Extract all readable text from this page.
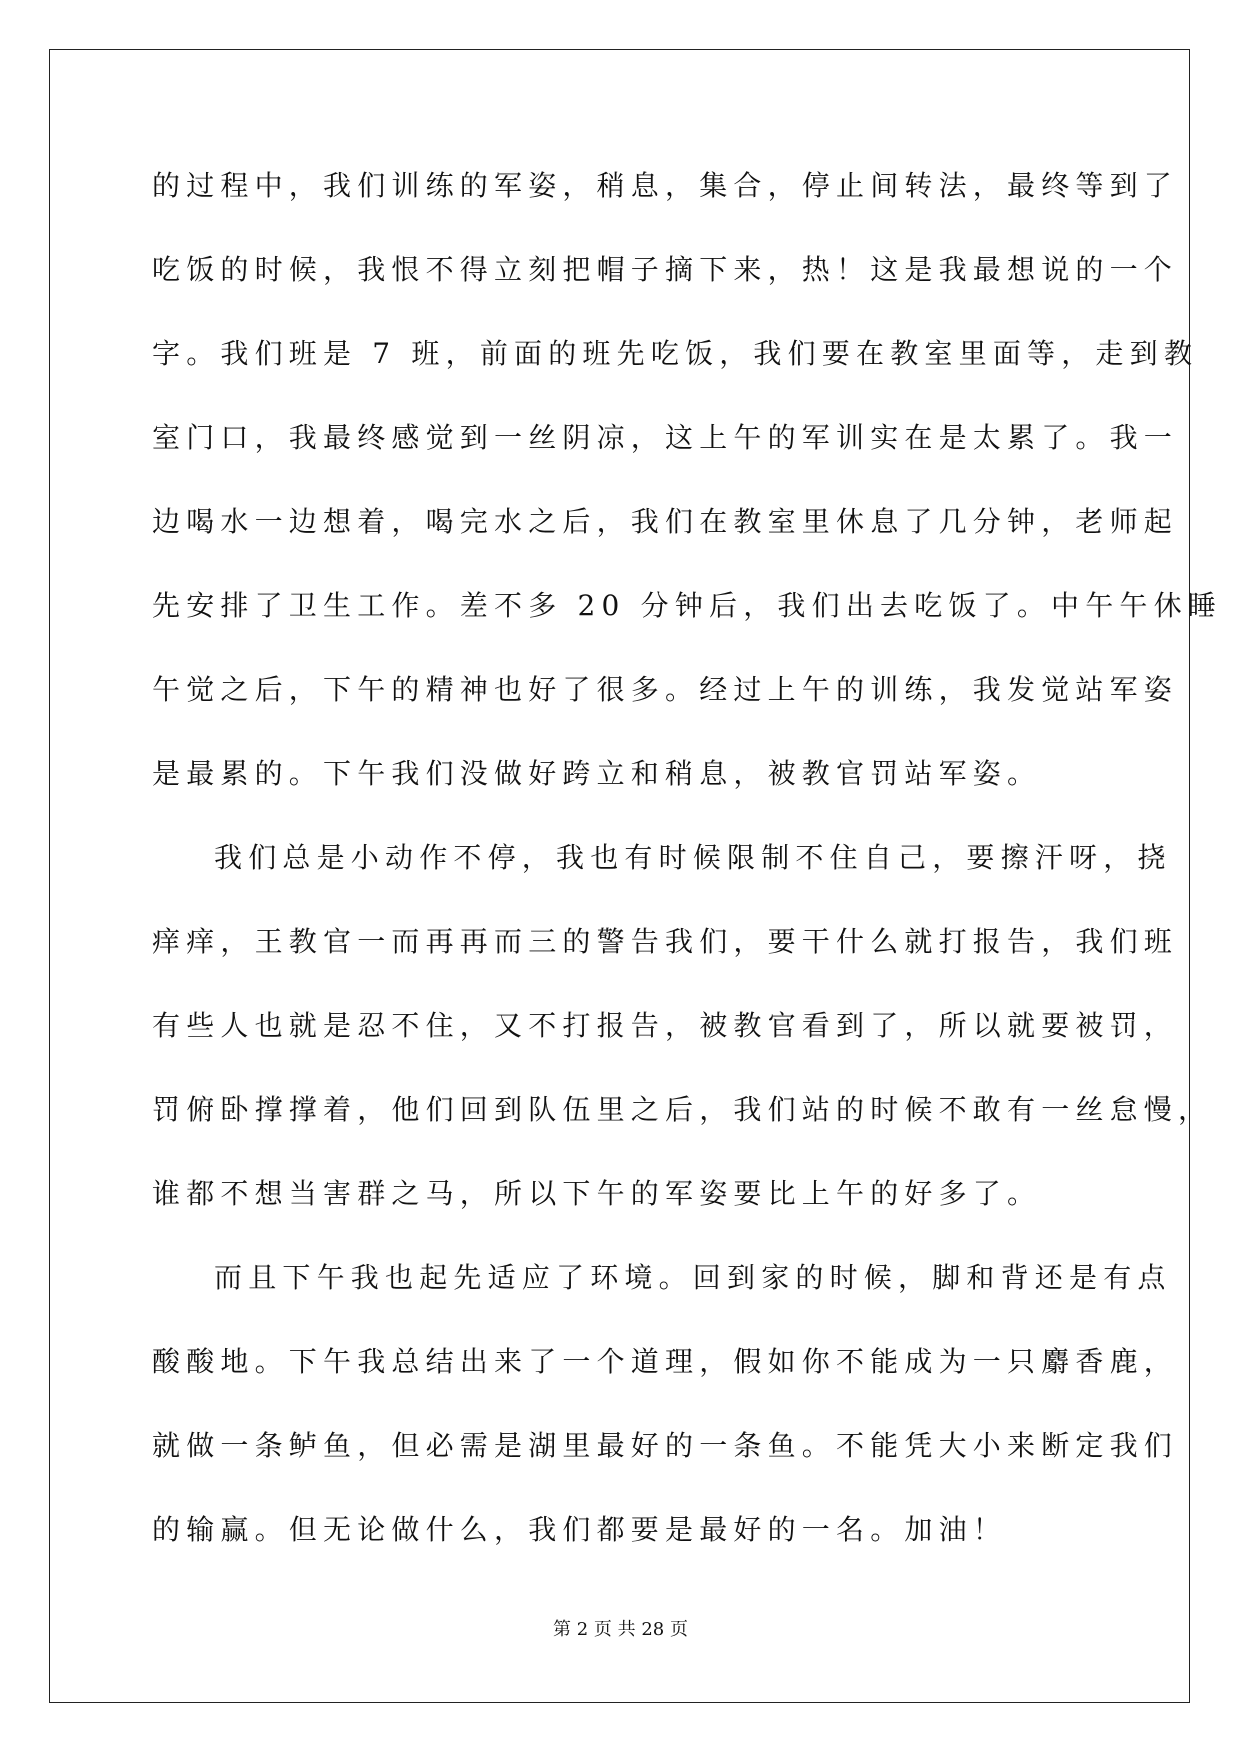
的过程中，我们训练的军姿，稍息，集合，停止间转法，最终等到了
吃饭的时候，我恨不得立刻把帽子摘下来，热！这是我最想说的一个
字。我们班是 7 班，前面的班先吃饭，我们要在教室里面等，走到教
室门口，我最终感觉到一丝阴凉，这上午的军训实在是太累了。我一
边喝水一边想着，喝完水之后，我们在教室里休息了几分钟，老师起
先安排了卫生工作。差不多 20 分钟后，我们出去吃饭了。中午午休睡
午觉之后，下午的精神也好了很多。经过上午的训练，我发觉站军姿
是最累的。下午我们没做好跨立和稍息，被教官罚站军姿。
我们总是小动作不停，我也有时候限制不住自己，要擦汗呀，挠
痒痒，王教官一而再再而三的警告我们，要干什么就打报告，我们班
有些人也就是忍不住，又不打报告，被教官看到了，所以就要被罚，
罚俯卧撑撑着，他们回到队伍里之后，我们站的时候不敢有一丝怠慢，
谁都不想当害群之马，所以下午的军姿要比上午的好多了。
而且下午我也起先适应了环境。回到家的时候，脚和背还是有点
酸酸地。下午我总结出来了一个道理，假如你不能成为一只麝香鹿，
就做一条鲈鱼，但必需是湖里最好的一条鱼。不能凭大小来断定我们
的输赢。但无论做什么，我们都要是最好的一名。加油！
第 2 页 共 28 页
